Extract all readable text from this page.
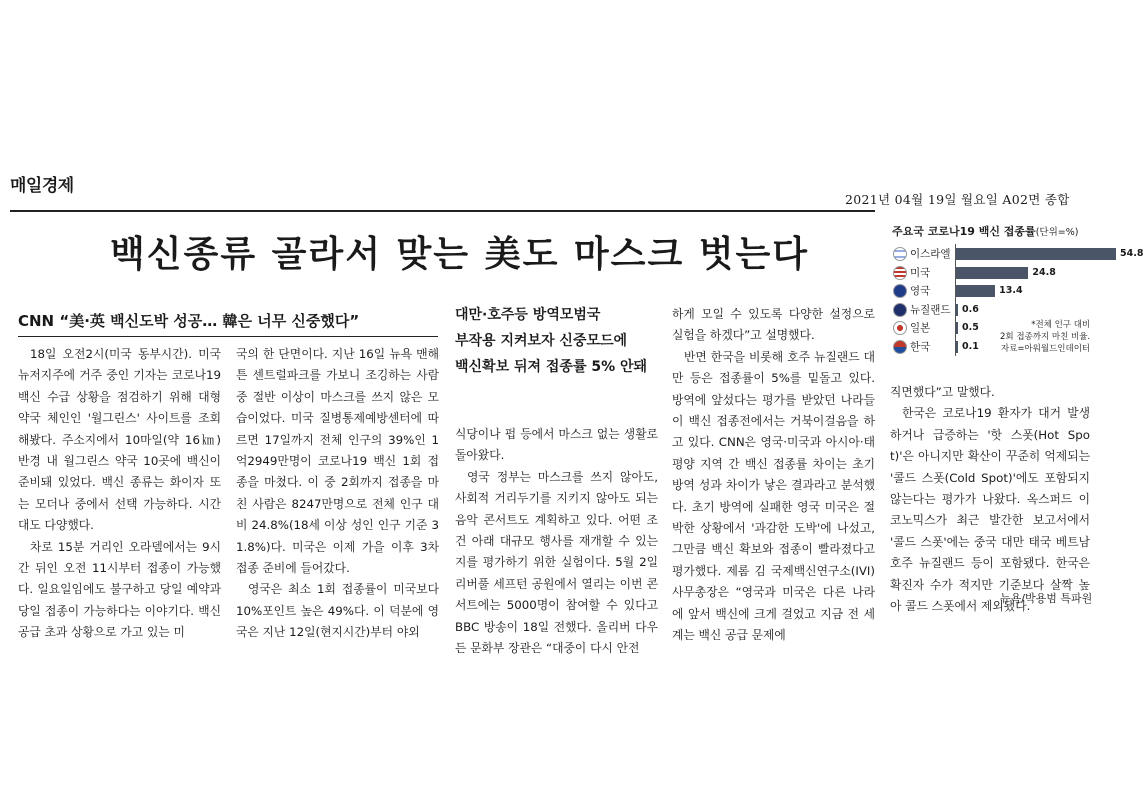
매일경제
2021년 04월 19일 월요일 A02면 종합
백신종류 골라서 맞는 美도 마스크 벗는다
CNN “美·英 백신도박 성공… 韓은 너무 신중했다”	대만·호주등 방역모범국
부작용 지켜보자 신중모드에
백신확보 뒤져 접종률 5% 안돼

18일 오전2시(미국 동부시간). 미국 뉴저지주에 거주 중인 기자는 코로나19 백신 수급 상황을 점검하기 위해 대형 약국 체인인 '월그린스' 사이트를 조회해봤다. 주소지에서 10마일(약 16㎞) 반경 내 월그린스 약국 10곳에 백신이 준비돼 있었다. 백신 종류는 화이자 또는 모더나 중에서 선택 가능하다. 시간대도 다양했다.

차로 15분 거리인 오라델에서는 9시간 뒤인 오전 11시부터 접종이 가능했다. 일요일임에도 불구하고 당일 예약과 당일 접종이 가능하다는 이야기다. 백신 공급 초과 상황으로 가고 있는 미

국의 한 단면이다. 지난 16일 뉴욕 맨해튼 센트럴파크를 가보니 조깅하는 사람 중 절반 이상이 마스크를 쓰지 않은 모습이었다. 미국 질병통제예방센터에 따르면 17일까지 전체 인구의 39%인 1억2949만명이 코로나19 백신 1회 접종을 마쳤다. 이 중 2회까지 접종을 마친 사람은 8247만명으로 전체 인구 대비 24.8%(18세 이상 성인 인구 기준 31.8%)다. 미국은 이제 가을 이후 3차 접종 준비에 들어갔다.

영국은 최소 1회 접종률이 미국보다 10%포인트 높은 49%다. 이 덕분에 영국은 지난 12일(현지시간)부터 야외

식당이나 펍 등에서 마스크 없는 생활로 돌아왔다.

영국 정부는 마스크를 쓰지 않아도, 사회적 거리두기를 지키지 않아도 되는 음악 콘서트도 계획하고 있다. 어떤 조건 아래 대규모 행사를 재개할 수 있는지를 평가하기 위한 실험이다. 5월 2일 리버풀 세프턴 공원에서 열리는 이번 콘서트에는 5000명이 참여할 수 있다고 BBC 방송이 18일 전했다. 올리버 다우든 문화부 장관은 “대중이 다시 안전

하게 모일 수 있도록 다양한 설정으로 실험을 하겠다”고 설명했다.

반면 한국을 비롯해 호주 뉴질랜드 대만 등은 접종률이 5%를 밑돌고 있다. 방역에 앞섰다는 평가를 받았던 나라들이 백신 접종전에서는 거북이걸음을 하고 있다. CNN은 영국·미국과 아시아·태평양 지역 간 백신 접종률 차이는 초기 방역 성과 차이가 낳은 결과라고 분석했다. 초기 방역에 실패한 영국 미국은 절박한 상황에서 '과감한 도박'에 나섰고, 그만큼 백신 확보와 접종이 빨라졌다고 평가했다. 제롬 김 국제백신연구소(IVI) 사무총장은 “영국과 미국은 다른 나라에 앞서 백신에 크게 걸었고 지금 전 세계는 백신 공급 문제에

직면했다”고 말했다.

한국은 코로나19 환자가 대거 발생하거나 급증하는 '핫 스폿(Hot Spot)'은 아니지만 확산이 꾸준히 억제되는 '콜드 스폿(Cold Spot)'에도 포함되지 않는다는 평가가 나왔다. 옥스퍼드 이코노믹스가 최근 발간한 보고서에서 '콜드 스폿'에는 중국 대만 태국 베트남 호주 뉴질랜드 등이 포함됐다. 한국은 확진자 수가 적지만 기준보다 살짝 높아 콜드 스폿에서 제외됐다.

뉴욕/박용범 특파원
주요국 코로나19 백신 접종률(단위=%)
이스라엘	54.8
미국	24.8
영국	13.4
뉴질랜드 0.6
일본	0.5
한국	0.1
*전체 인구 대비
2회 접종까지 마친 비율.
자료=아워월드인데이터
